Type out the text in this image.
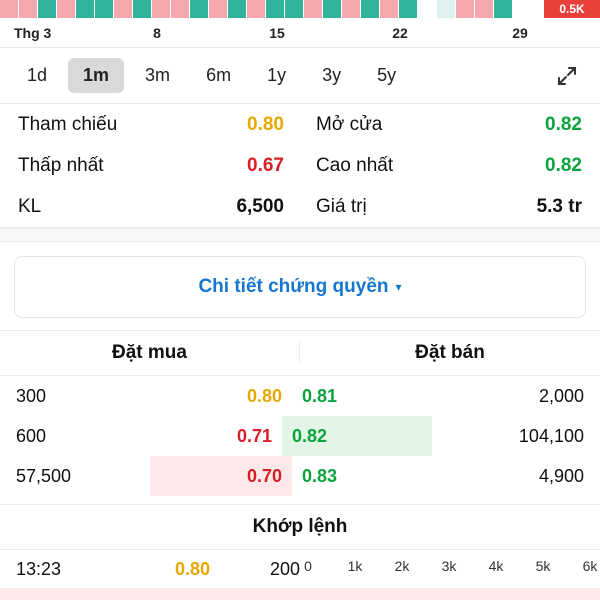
0.5K
Thg 3	8	15	22	29
1d	1m	3m	6m	1y	3y	5y
Tham chiếu	0.80 Mở cửa	0.82
Thấp nhất	0.67 Cao nhất	0.82
KL	6,500 Giá trị	5.3 tr
Chi tiết chứng quyền ▾
Đặt mua	Đặt bán
300	0.80	0.81	2,000
600	0.71	0.82	104,100
57,500	0.70	0.83	4,900
Khớp lệnh
13:23	0.80	200 0	1k 2k 3k 4k 5k 6k
